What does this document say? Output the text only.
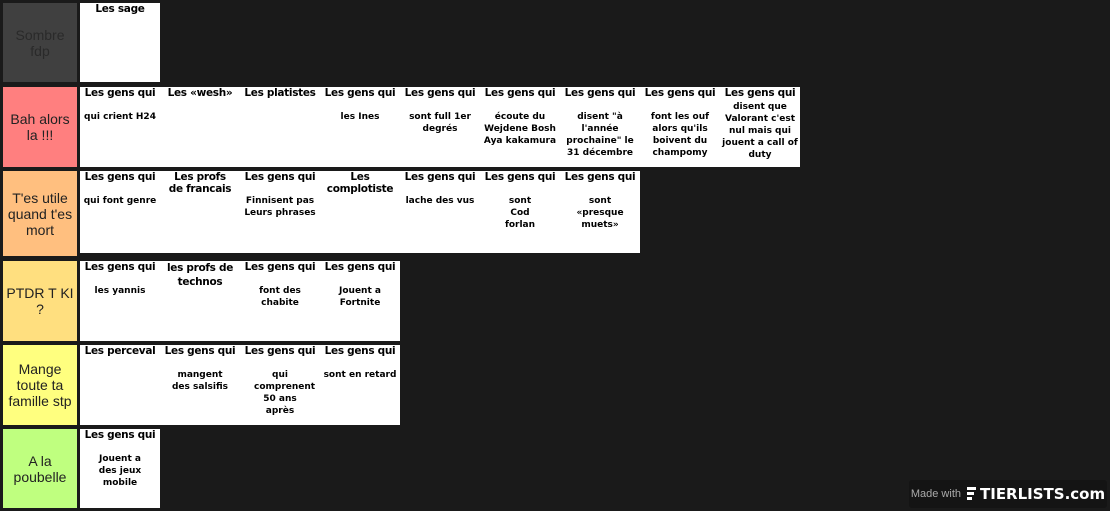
Sombre fdp
Les sage
Bah alors la !!!
Les gens qui
qui crient H24
Les «wesh»	Les platistes Les gens qui
les Ines
Les gens qui
sont full 1er degrés
Les gens qui
écoute du Wejdene Bosh Aya kakamura
Les gens qui
disent "à l'année prochaine" le 31 décembre
Les gens qui
font les ouf alors qu'ils boivent du champomy
Les gens qui
disent que Valorant c'est nul mais qui jouent a call of duty
T'es utile quand t'es mort
Les gens qui
qui font genre
Les profs de francais
Les gens qui
Finnisent pas Leurs phrases
Les complotiste
Les gens qui
lache des vus
Les gens qui
sont Cod forlan
Les gens qui
sont «presque muets»
PTDR T KI ?
Les gens qui
les yannis
les profs de technos
Les gens qui
font des chabite
Les gens qui
Jouent a Fortnite
Mange toute ta famille stp
Les perceval Les gens qui
mangent des salsifis
Les gens qui
qui comprenent 50 ans après
Les gens qui
sont en retard
A la poubelle
Les gens qui
Jouent a des jeux mobile
Made with TIERLISTS.com
